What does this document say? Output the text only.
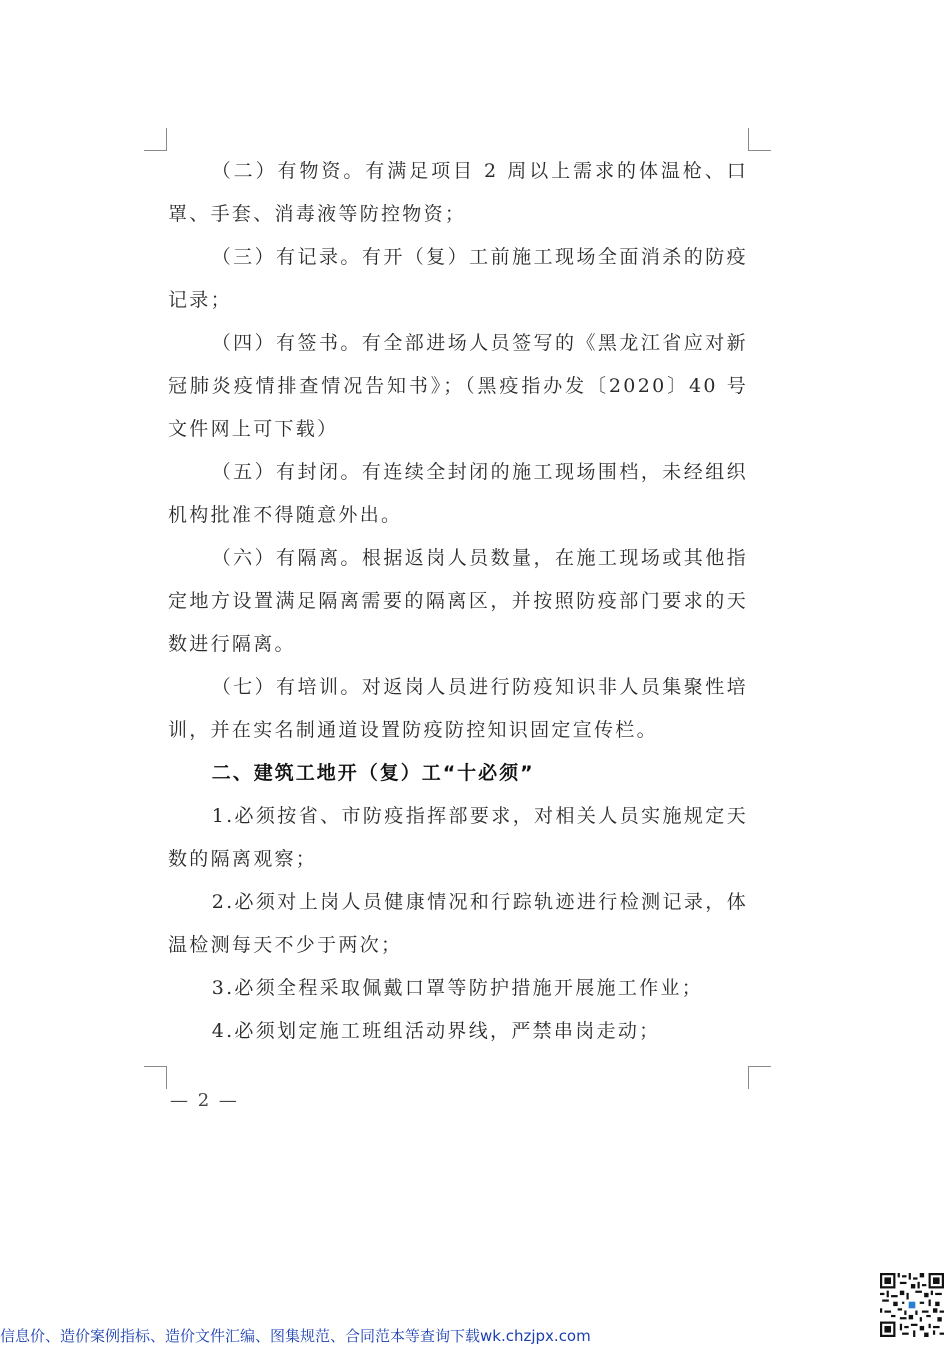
（二）有物资。有满足项目 2 周以上需求的体温枪、口罩、手套、消毒液等防控物资；

（三）有记录。有开（复）工前施工现场全面消杀的防疫记录；

（四）有签书。有全部进场人员签写的《黑龙江省应对新冠肺炎疫情排查情况告知书》；（黑疫指办发〔2020〕40 号文件网上可下载）

（五）有封闭。有连续全封闭的施工现场围档，未经组织机构批准不得随意外出。

（六）有隔离。根据返岗人员数量，在施工现场或其他指定地方设置满足隔离需要的隔离区，并按照防疫部门要求的天数进行隔离。

（七）有培训。对返岗人员进行防疫知识非人员集聚性培训，并在实名制通道设置防疫防控知识固定宣传栏。

二、建筑工地开（复）工“十必须”

1.必须按省、市防疫指挥部要求，对相关人员实施规定天数的隔离观察；

2.必须对上岗人员健康情况和行踪轨迹进行检测记录，体温检测每天不少于两次；

3.必须全程采取佩戴口罩等防护措施开展施工作业；

4.必须划定施工班组活动界线，严禁串岗走动；

— 2 —
信息价、造价案例指标、造价文件汇编、图集规范、合同范本等查询下载wk.chzjpx.com
